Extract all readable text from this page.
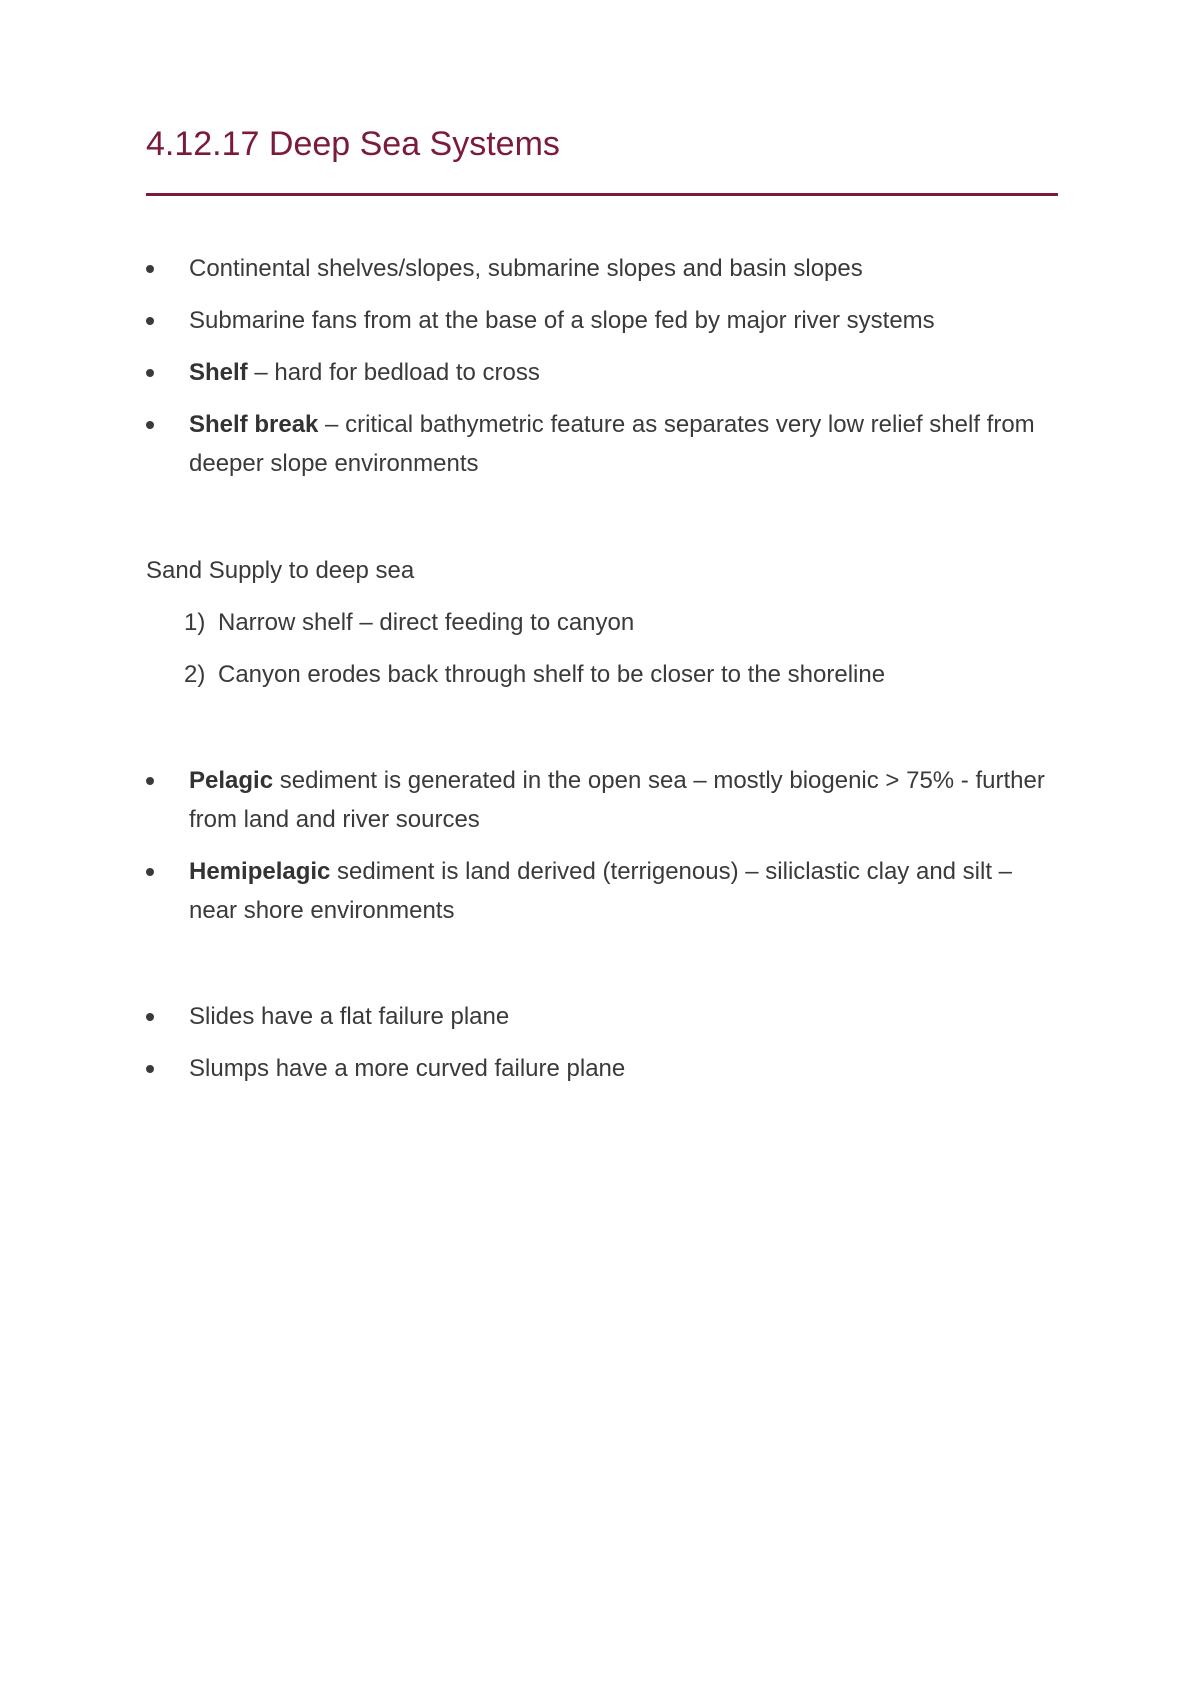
4.12.17 Deep Sea Systems
Continental shelves/slopes, submarine slopes and basin slopes
Submarine fans from at the base of a slope fed by major river systems
Shelf – hard for bedload to cross
Shelf break – critical bathymetric feature as separates very low relief shelf from deeper slope environments

Sand Supply to deep sea

1) Narrow shelf – direct feeding to canyon
2) Canyon erodes back through shelf to be closer to the shoreline
Pelagic sediment is generated in the open sea – mostly biogenic > 75% - further from land and river sources
Hemipelagic sediment is land derived (terrigenous) – siliclastic clay and silt – near shore environments
Slides have a flat failure plane
Slumps have a more curved failure plane
